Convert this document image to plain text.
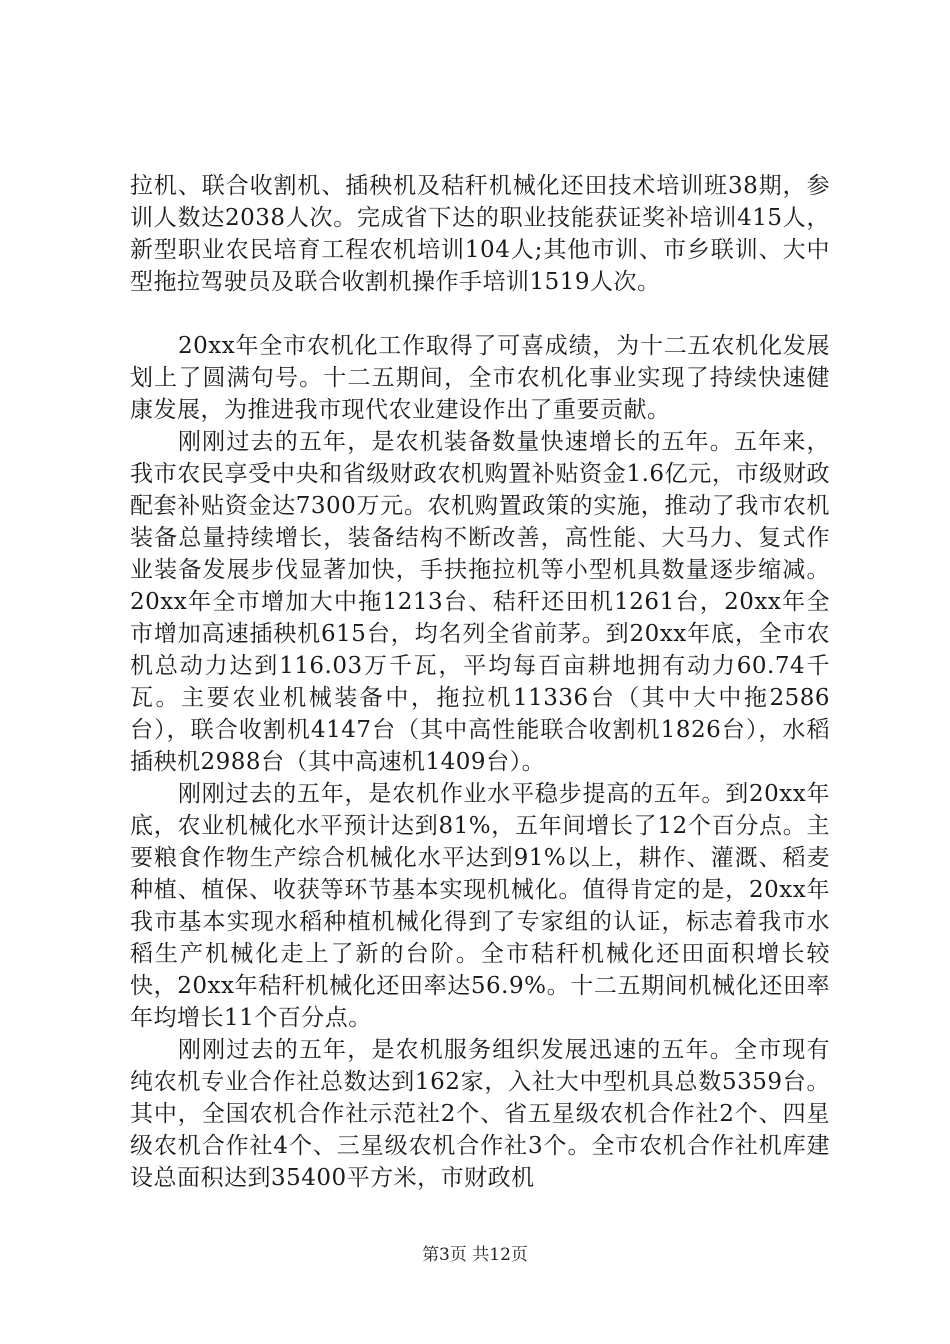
拉机、联合收割机、插秧机及秸秆机械化还田技术培训班38期，参训人数达2038人次。完成省下达的职业技能获证奖补培训415人，新型职业农民培育工程农机培训104人;其他市训、市乡联训、大中型拖拉驾驶员及联合收割机操作手培训1519人次。

20xx年全市农机化工作取得了可喜成绩，为十二五农机化发展划上了圆满句号。十二五期间，全市农机化事业实现了持续快速健康发展，为推进我市现代农业建设作出了重要贡献。

刚刚过去的五年，是农机装备数量快速增长的五年。五年来，我市农民享受中央和省级财政农机购置补贴资金1.6亿元，市级财政配套补贴资金达7300万元。农机购置政策的实施，推动了我市农机装备总量持续增长，装备结构不断改善，高性能、大马力、复式作业装备发展步伐显著加快，手扶拖拉机等小型机具数量逐步缩减。20xx年全市增加大中拖1213台、秸秆还田机1261台，20xx年全市增加高速插秧机615台，均名列全省前茅。到20xx年底，全市农机总动力达到116.03万千瓦，平均每百亩耕地拥有动力60.74千瓦。主要农业机械装备中，拖拉机11336台（其中大中拖2586台），联合收割机4147台（其中高性能联合收割机1826台），水稻插秧机2988台（其中高速机1409台）。

刚刚过去的五年，是农机作业水平稳步提高的五年。到20xx年底，农业机械化水平预计达到81%，五年间增长了12个百分点。主要粮食作物生产综合机械化水平达到91%以上，耕作、灌溉、稻麦种植、植保、收获等环节基本实现机械化。值得肯定的是，20xx年我市基本实现水稻种植机械化得到了专家组的认证，标志着我市水稻生产机械化走上了新的台阶。全市秸秆机械化还田面积增长较快，20xx年秸秆机械化还田率达56.9%。十二五期间机械化还田率年均增长11个百分点。

刚刚过去的五年，是农机服务组织发展迅速的五年。全市现有纯农机专业合作社总数达到162家，入社大中型机具总数5359台。其中，全国农机合作社示范社2个、省五星级农机合作社2个、四星级农机合作社4个、三星级农机合作社3个。全市农机合作社机库建设总面积达到35400平方米，市财政机

第3页 共12页
